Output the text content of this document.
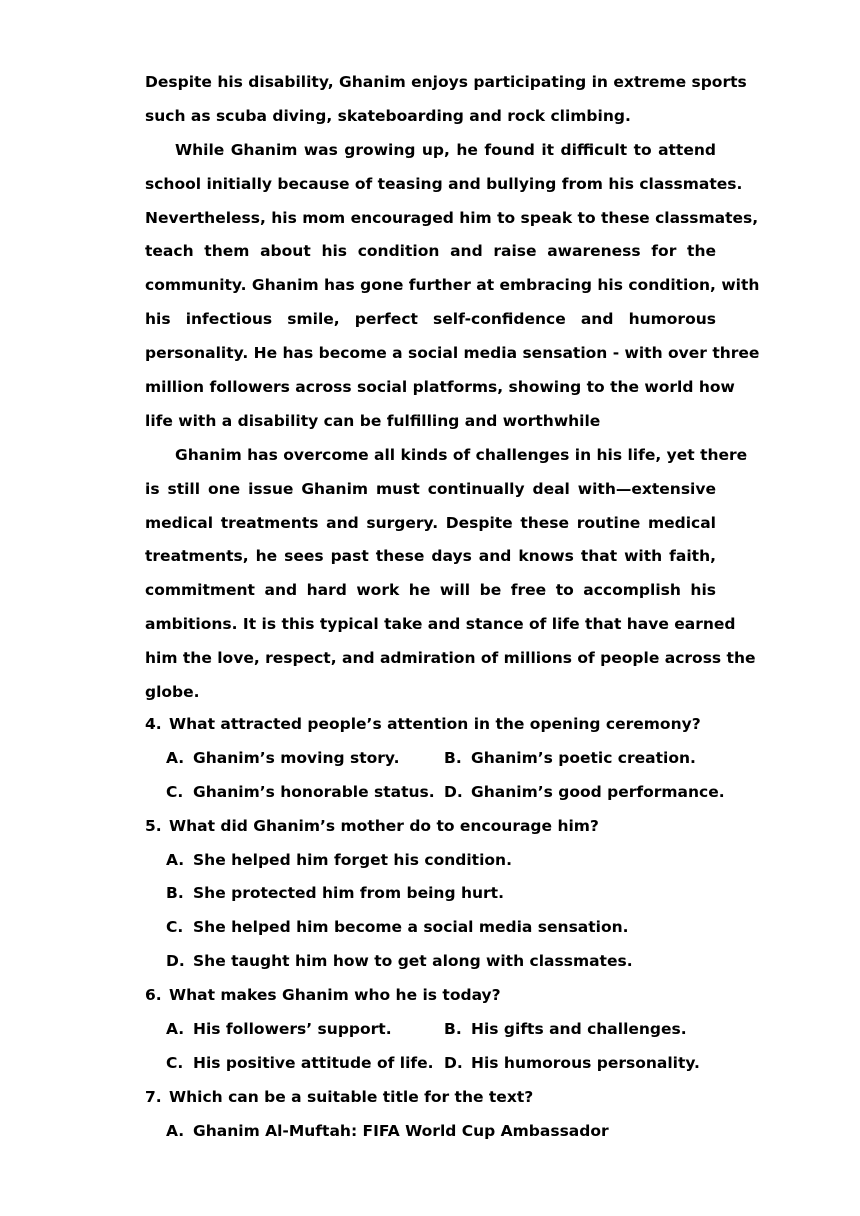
Despite his disability, Ghanim enjoys participating in extreme sports
such as scuba diving, skateboarding and rock climbing.
While Ghanim was growing up, he found it difficult to attend
school initially because of teasing and bullying from his classmates.
Nevertheless, his mom encouraged him to speak to these classmates,
teach them about his condition and raise awareness for the
community. Ghanim has gone further at embracing his condition, with
his infectious smile, perfect self-confidence and humorous
personality. He has become a social media sensation - with over three
million followers across social platforms, showing to the world how
life with a disability can be fulfilling and worthwhile
Ghanim has overcome all kinds of challenges in his life, yet there
is still one issue Ghanim must continually deal with—extensive
medical treatments and surgery. Despite these routine medical
treatments, he sees past these days and knows that with faith,
commitment and hard work he will be free to accomplish his
ambitions. It is this typical take and stance of life that have earned
him the love, respect, and admiration of millions of people across the
globe.
4. What attracted people’s attention in the opening ceremony?
A. Ghanim’s moving story.	B. Ghanim’s poetic creation.
C. Ghanim’s honorable status. D. Ghanim’s good performance.
5. What did Ghanim’s mother do to encourage him?
A. She helped him forget his condition.
B. She protected him from being hurt.
C. She helped him become a social media sensation.
D. She taught him how to get along with classmates.
6. What makes Ghanim who he is today?
A. His followers’ support.	B. His gifts and challenges.
C. His positive attitude of life. D. His humorous personality.
7. Which can be a suitable title for the text?
A. Ghanim Al-Muftah: FIFA World Cup Ambassador
